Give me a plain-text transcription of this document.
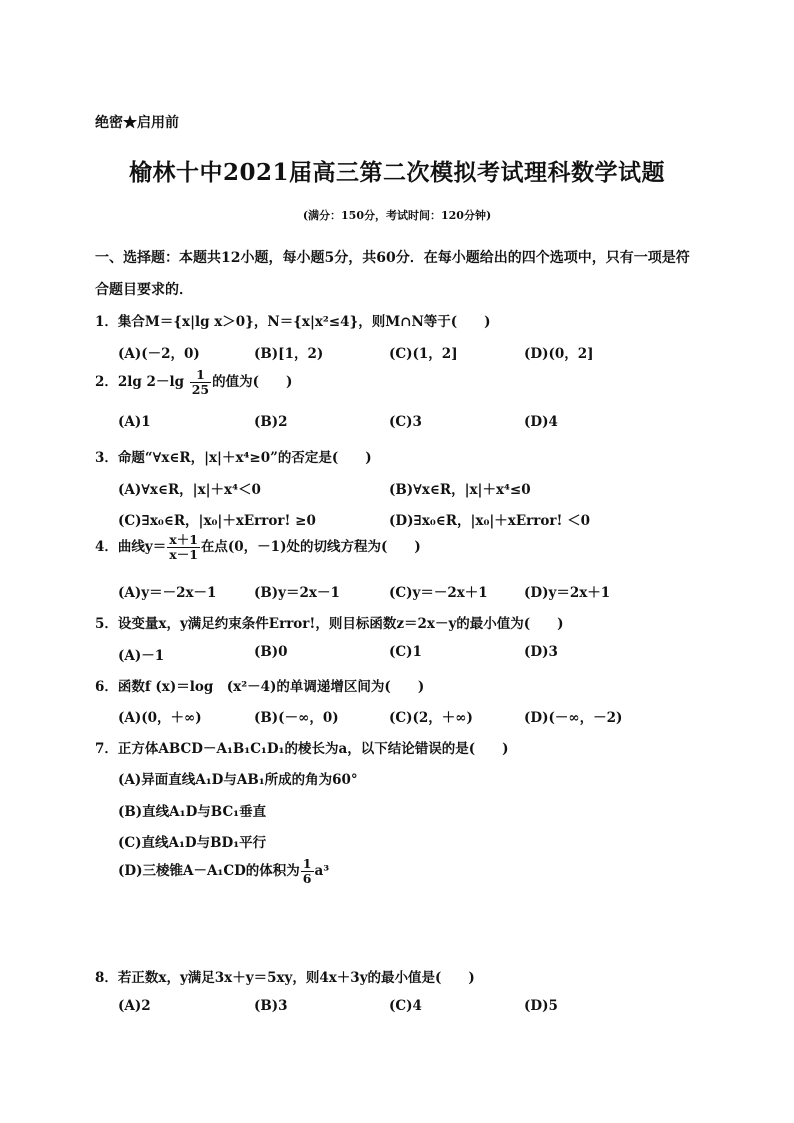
绝密★启用前
榆林十中2021届高三第二次模拟考试理科数学试题
(满分：150分，考试时间：120分钟)
一、选择题：本题共12小题，每小题5分，共60分．在每小题给出的四个选项中，只有一项是符
合题目要求的．
1．集合M＝{x|lg x＞0}，N＝{x|x²≤4}，则M∩N等于(　　)
(A)(－2，0)	(B)[1，2)	(C)(1，2]	(D)(0，2]
2．2lg $2-\lg \frac{1}{25}$ 的值为(　　)
(A)1	(B)2	(C)3	(D)4
3．命题“∀x∈R，|x|＋x⁴≥0”的否定是(　　)
(A)∀x∈R，|x|＋x⁴＜0	(B)∀x∈R，|x|＋x⁴≤0
(C)∃x₀∈R，|x₀|＋xError! ≥0	(D)∃x₀∈R，|x₀|＋xError! ＜0
4．曲线$y= \frac{x+1}{x-1}$ 在点(0，－1)处的切线方程为(　　)
(A)y＝－2x－1	(B)y＝2x－1	(C)y＝－2x＋1	(D)y＝2x＋1
5．设变量x，y满足约束条件Error!，则目标函数z＝2x－y的最小值为(　　)
(A)－1	(B)0	(C)1	(D)3
6．函数f (x)＝log　(x²－4)的单调递增区间为(　　)
(A)(0，＋∞)	(B)(－∞，0)	(C)(2，＋∞)	(D)(－∞，－2)
7．正方体ABCD－A₁B₁C₁D₁的棱长为a，以下结论错误的是(　　)
(A)异面直线A₁D与AB₁所成的角为60°
(B)直线A₁D与BC₁垂直
(C)直线A₁D与BD₁平行
(D)三棱锥A－A₁CD的体积为 $\frac{1}{6} a^3$
8．若正数x，y满足3x＋y＝5xy，则4x＋3y的最小值是(　　)
(A)2	(B)3	(C)4	(D)5
